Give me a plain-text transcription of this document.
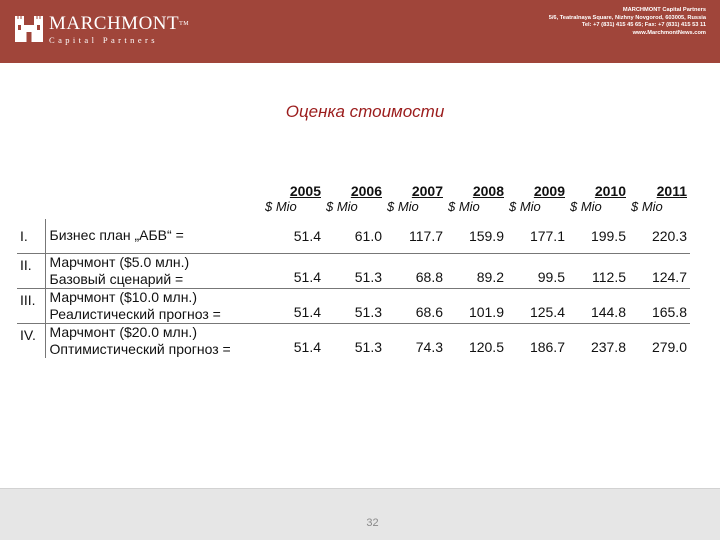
MARCHMONT™
Capital Partners
MARCHMONT Capital Partners
5/6, Teatralnaya Square, Nizhny Novgorod, 603005, Russia
Tel: +7 (831) 415 45 65; Fax: +7 (831) 415 53 11
www.MarchmontNews.com
Оценка стоимости
		2005	2006	2007	2008	2009	2010	2011
		$ Mio	$ Mio	$ Mio	$ Mio	$ Mio	$ Mio	$ Mio
I.	Бизнес план „АБВ“ =	51.4	61.0	117.7	159.9	177.1	199.5	220.3
II.	Марчмонт ($5.0 млн.)
Базовый сценарий =	51.4	51.3	68.8	89.2	99.5	112.5	124.7
III.	Марчмонт ($10.0 млн.)
Реалистический прогноз =	51.4	51.3	68.6	101.9	125.4	144.8	165.8
IV.	Марчмонт ($20.0 млн.)
Оптимистический прогноз =	51.4	51.3	74.3	120.5	186.7	237.8	279.0
32
